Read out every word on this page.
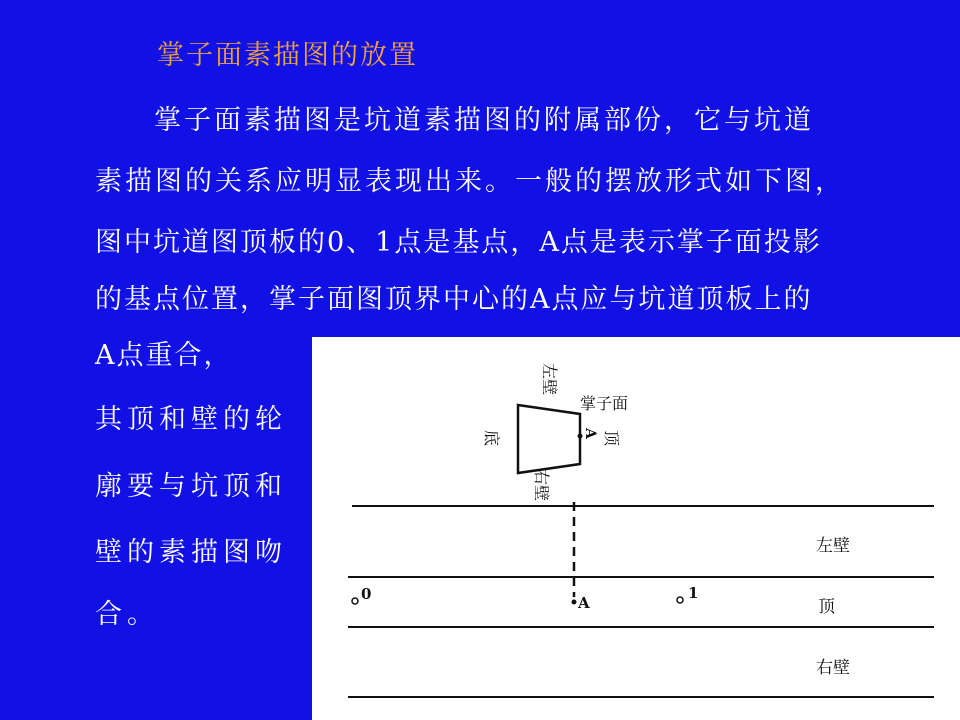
掌子面素描图的放置
掌子面素描图是坑道素描图的附属部份，它与坑道
素描图的关系应明显表现出来。一般的摆放形式如下图，
图中坑道图顶板的0、1点是基点，A点是表示掌子面投影
的基点位置，掌子面图顶界中心的A点应与坑道顶板上的
A点重合，
其顶和壁的轮
廓要与坑顶和
壁的素描图吻
合。
左壁
右壁
底	顶
A
掌子面
0	A
1
左壁
顶
右壁
